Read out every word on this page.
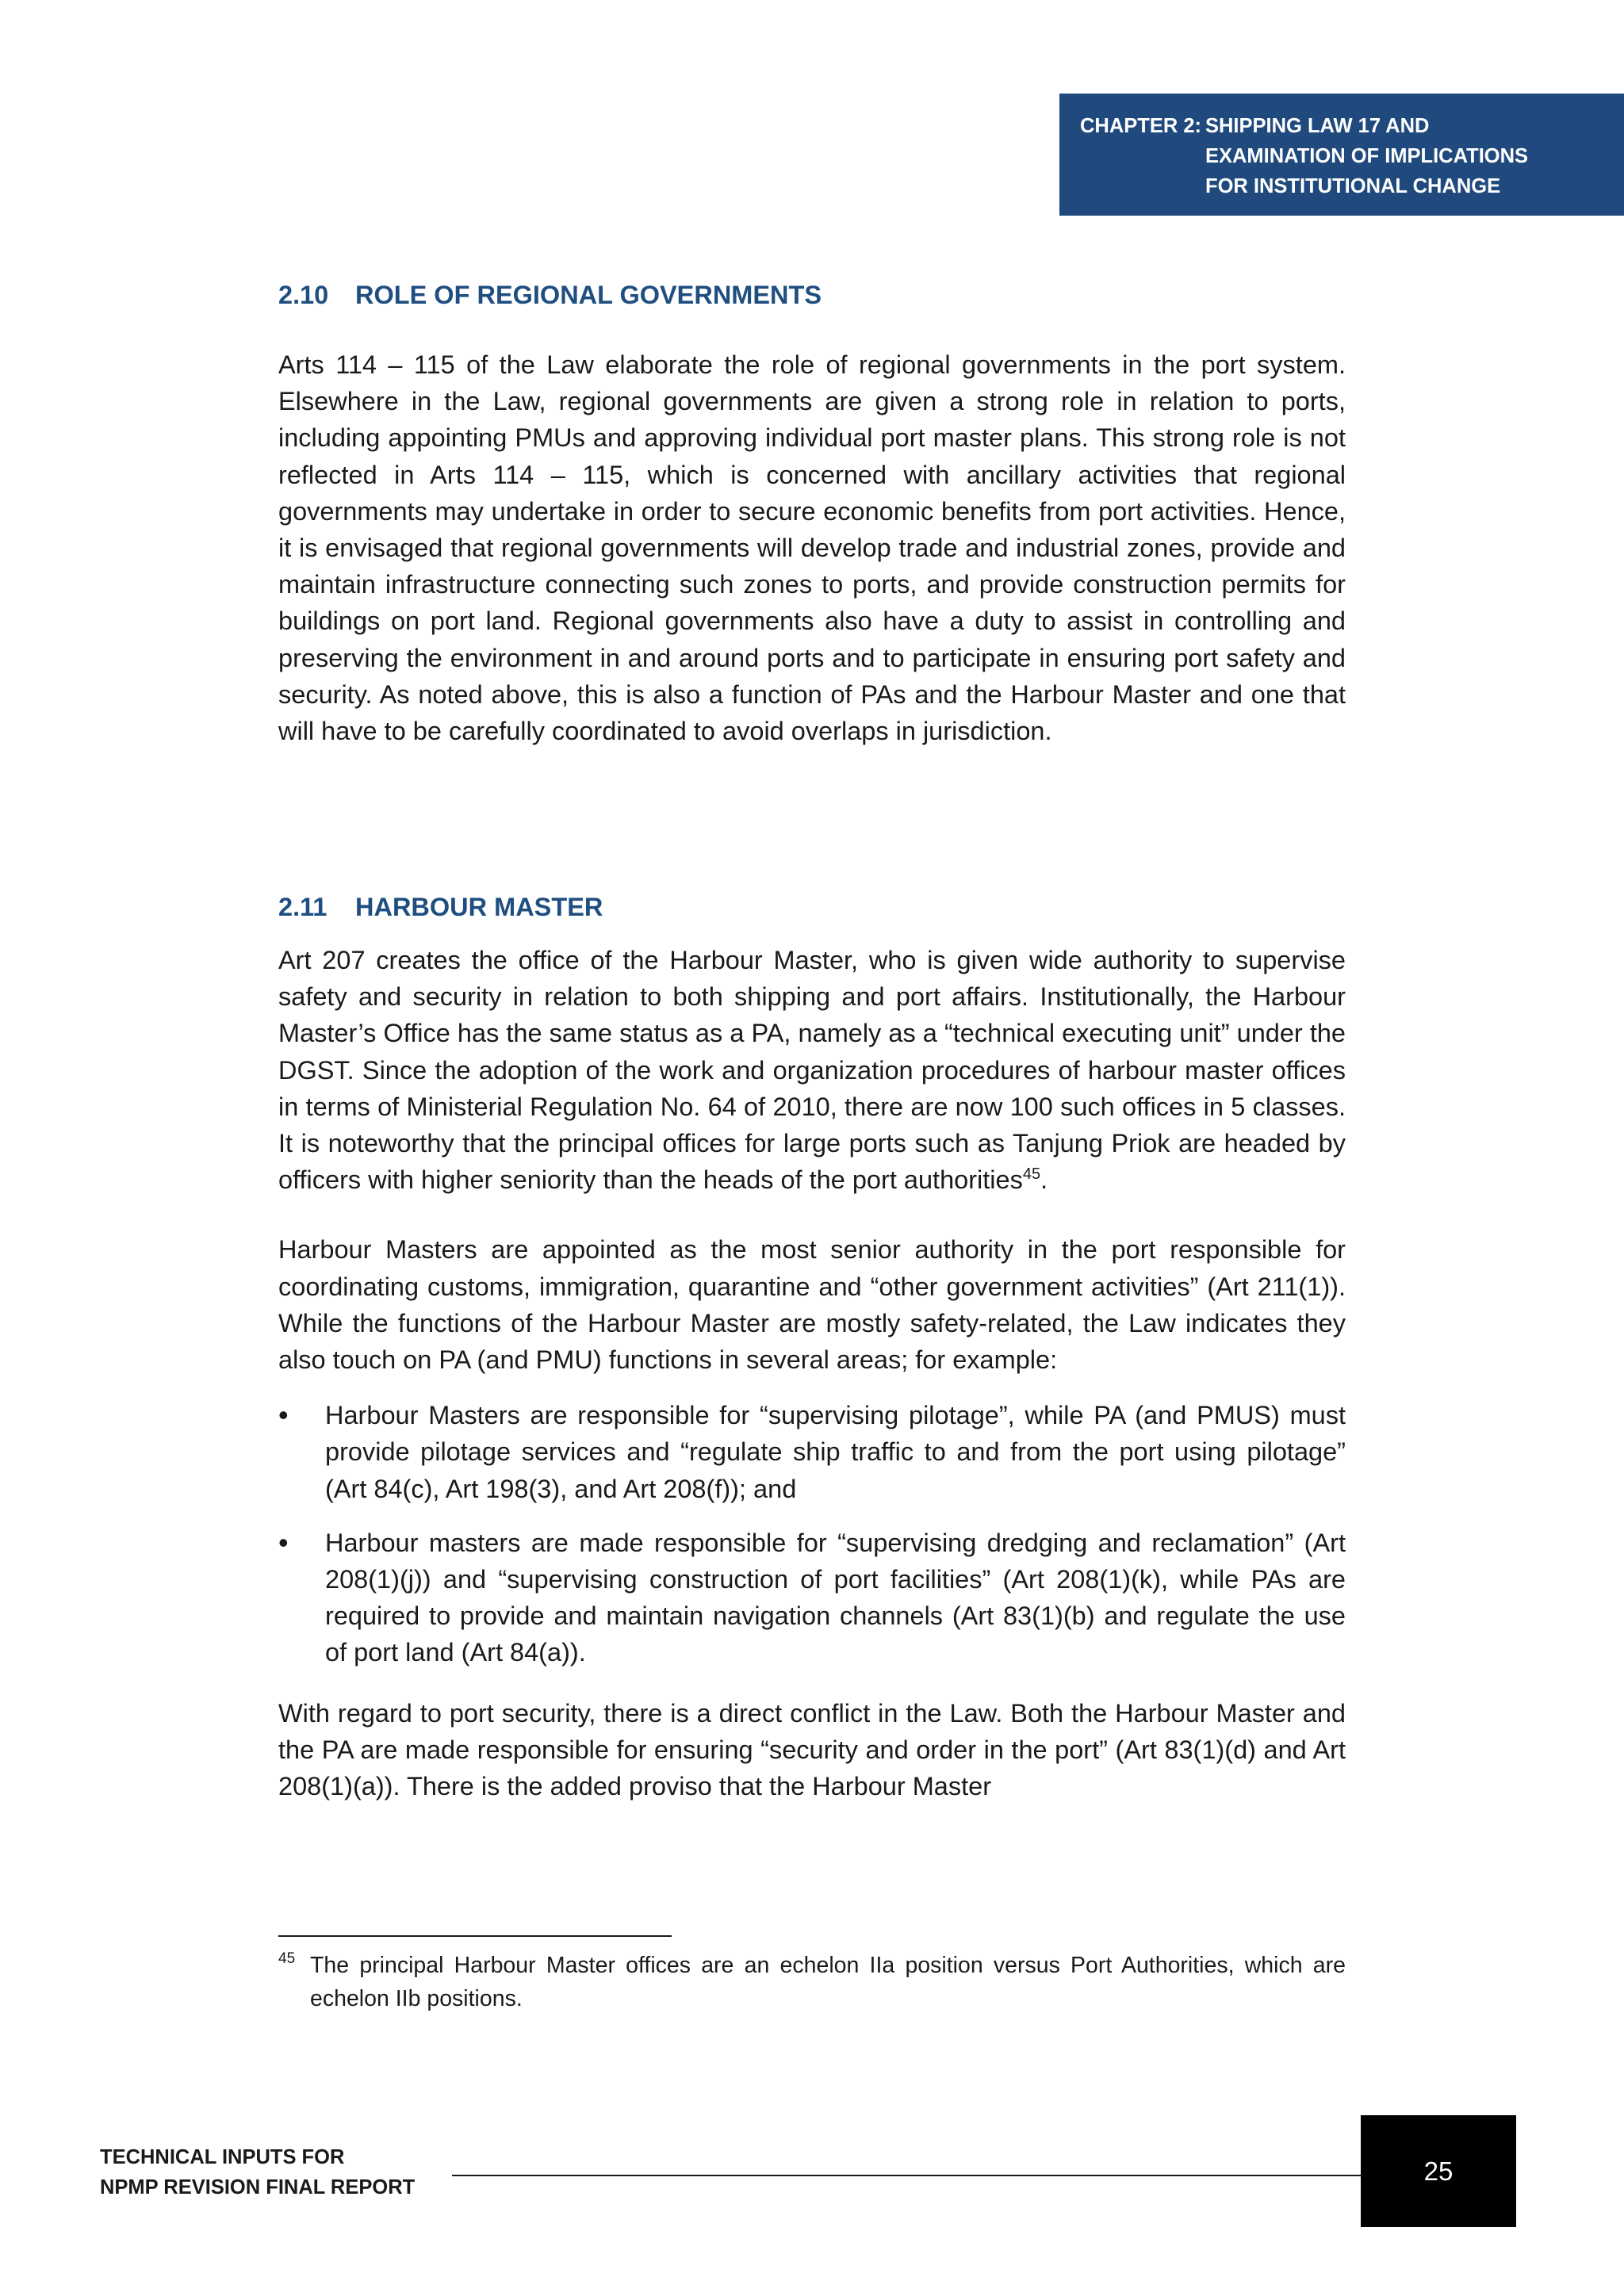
CHAPTER 2: SHIPPING LAW 17 AND
EXAMINATION OF IMPLICATIONS
FOR INSTITUTIONAL CHANGE
2.10	ROLE OF REGIONAL GOVERNMENTS

Arts 114 – 115 of the Law elaborate the role of regional governments in the port system. Elsewhere in the Law, regional governments are given a strong role in relation to ports, including appointing PMUs and approving individual port master plans. This strong role is not reflected in Arts 114 – 115, which is concerned with ancillary activities that regional governments may undertake in order to secure economic benefits from port activities. Hence, it is envisaged that regional governments will develop trade and industrial zones, provide and maintain infrastructure connecting such zones to ports, and provide construction permits for buildings on port land. Regional governments also have a duty to assist in controlling and preserving the environment in and around ports and to participate in ensuring port safety and security. As noted above, this is also a function of PAs and the Harbour Master and one that will have to be carefully coordinated to avoid overlaps in jurisdiction.

2.11	HARBOUR MASTER

Art 207 creates the office of the Harbour Master, who is given wide authority to supervise safety and security in relation to both shipping and port affairs. Institutionally, the Harbour Master’s Office has the same status as a PA, namely as a “technical executing unit” under the DGST. Since the adoption of the work and organization procedures of harbour master offices in terms of Ministerial Regulation No. 64 of 2010, there are now 100 such offices in 5 classes. It is noteworthy that the principal offices for large ports such as Tanjung Priok are headed by officers with higher seniority than the heads of the port authorities$^{45}$.

Harbour Masters are appointed as the most senior authority in the port responsible for coordinating customs, immigration, quarantine and “other government activities” (Art 211(1)). While the functions of the Harbour Master are mostly safety-related, the Law indicates they also touch on PA (and PMU) functions in several areas; for example:

• Harbour Masters are responsible for “supervising pilotage”, while PA (and PMUS) must provide pilotage services and “regulate ship traffic to and from the port using pilotage” (Art 84(c), Art 198(3), and Art 208(f)); and
• Harbour masters are made responsible for “supervising dredging and reclamation” (Art 208(1)(j)) and “supervising construction of port facilities” (Art 208(1)(k), while PAs are required to provide and maintain navigation channels (Art 83(1)(b) and regulate the use of port land (Art 84(a)).

With regard to port security, there is a direct conflict in the Law. Both the Harbour Master and the PA are made responsible for ensuring “security and order in the port” (Art 83(1)(d) and Art 208(1)(a)). There is the added proviso that the Harbour Master

45 The principal Harbour Master offices are an echelon IIa position versus Port Authorities, which are echelon IIb positions.
TECHNICAL INPUTS FOR
NPMP REVISION FINAL REPORT
25
